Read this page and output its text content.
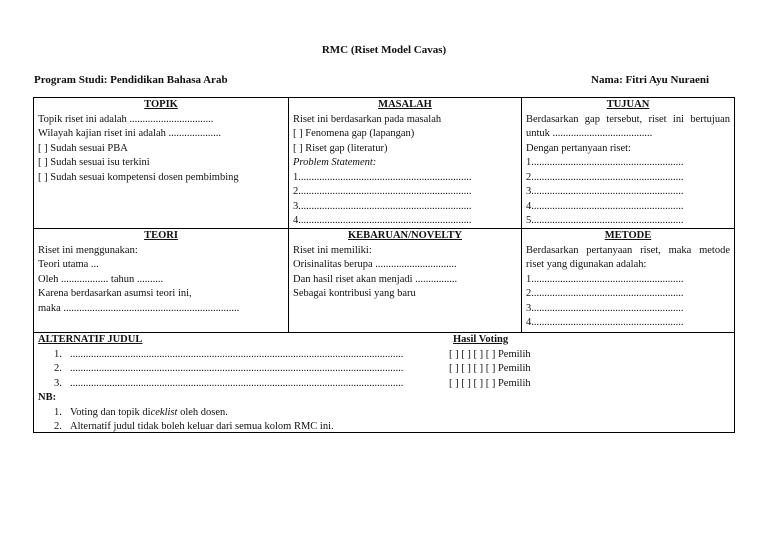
RMC (Riset Model Cavas)
Program Studi: Pendidikan Bahasa Arab	Nama: Fitri Ayu Nuraeni
TOPIK
Topik riset ini adalah ................................
Wilayah kajian riset ini adalah ....................
[ ] Sudah sesuai PBA
[ ] Sudah sesuai isu terkini
[ ] Sudah sesuai kompetensi dosen pembimbing
MASALAH
Riset ini berdasarkan pada masalah
[ ] Fenomena gap (lapangan)
[ ] Riset gap (literatur)
Problem Statement:
1..................................................................
2..................................................................
3..................................................................
4..................................................................
TUJUAN
Berdasarkan gap tersebut, riset ini bertujuan
untuk ......................................
Dengan pertanyaan riset:
1..........................................................
2..........................................................
3..........................................................
4..........................................................
5..........................................................
TEORI
Riset ini menggunakan:
Teori utama ...
Oleh .................. tahun ..........
Karena berdasarkan asumsi teori ini,
maka ...................................................................
KEBARUAN/NOVELTY
Riset ini memiliki:
Orisinalitas berupa ...............................
Dan hasil riset akan menjadi ................
Sebagai kontribusi yang baru
METODE
Berdasarkan pertanyaan riset, maka metode
riset yang digunakan adalah:
1..........................................................
2..........................................................
3..........................................................
4..........................................................
ALTERNATIF JUDUL	Hasil Voting
1. ...............................................................................................................................	[ ] [ ] [ ] [ ] Pemilih
2. ...............................................................................................................................	[ ] [ ] [ ] [ ] Pemilih
3. ...............................................................................................................................	[ ] [ ] [ ] [ ] Pemilih
NB:
1. Voting dan topik diceklist oleh dosen.
2. Alternatif judul tidak boleh keluar dari semua kolom RMC ini.
